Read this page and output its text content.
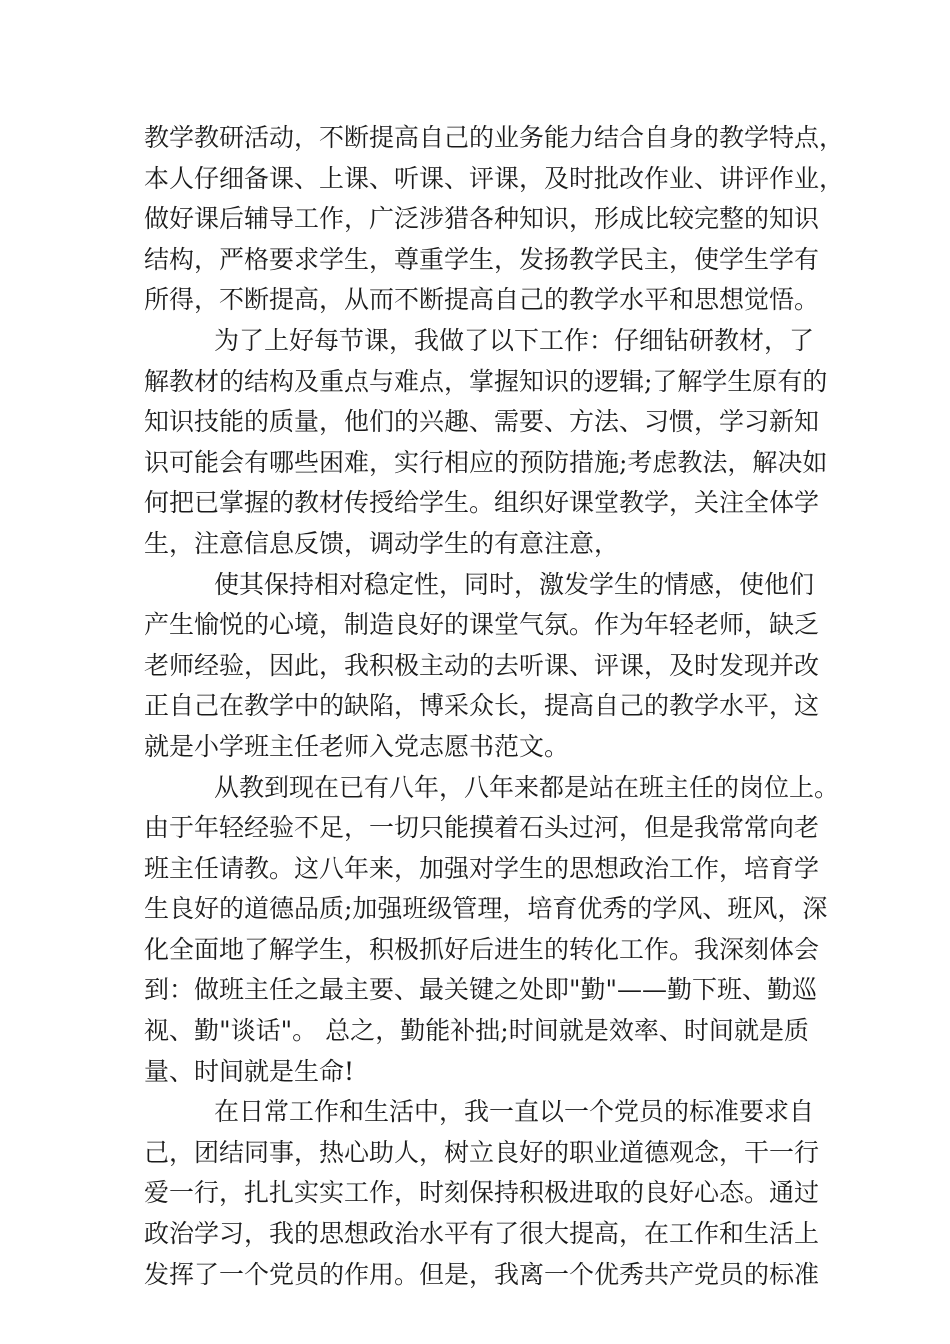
教学教研活动，不断提高自己的业务能力结合自身的教学特点，
本人仔细备课、上课、听课、评课，及时批改作业、讲评作业，
做好课后辅导工作，广泛涉猎各种知识，形成比较完整的知识
结构，严格要求学生，尊重学生，发扬教学民主，使学生学有
所得，不断提高，从而不断提高自己的教学水平和思想觉悟。
为了上好每节课，我做了以下工作：仔细钻研教材，了
解教材的结构及重点与难点，掌握知识的逻辑;了解学生原有的
知识技能的质量，他们的兴趣、需要、方法、习惯，学习新知
识可能会有哪些困难，实行相应的预防措施;考虑教法，解决如
何把已掌握的教材传授给学生。组织好课堂教学，关注全体学
生，注意信息反馈，调动学生的有意注意，
使其保持相对稳定性，同时，激发学生的情感，使他们
产生愉悦的心境，制造良好的课堂气氛。作为年轻老师，缺乏
老师经验，因此，我积极主动的去听课、评课，及时发现并改
正自己在教学中的缺陷，博采众长，提高自己的教学水平，这
就是小学班主任老师入党志愿书范文。
从教到现在已有八年，八年来都是站在班主任的岗位上。
由于年轻经验不足，一切只能摸着石头过河，但是我常常向老
班主任请教。这八年来，加强对学生的思想政治工作，培育学
生良好的道德品质;加强班级管理，培育优秀的学风、班风，深
化全面地了解学生，积极抓好后进生的转化工作。我深刻体会
到：做班主任之最主要、最关键之处即"勤"——勤下班、勤巡
视、勤"谈话"。 总之，勤能补拙;时间就是效率、时间就是质
量、时间就是生命!
在日常工作和生活中，我一直以一个党员的标准要求自
己，团结同事，热心助人，树立良好的职业道德观念，干一行
爱一行，扎扎实实工作，时刻保持积极进取的良好心态。通过
政治学习，我的思想政治水平有了很大提高，在工作和生活上
发挥了一个党员的作用。但是，我离一个优秀共产党员的标准
